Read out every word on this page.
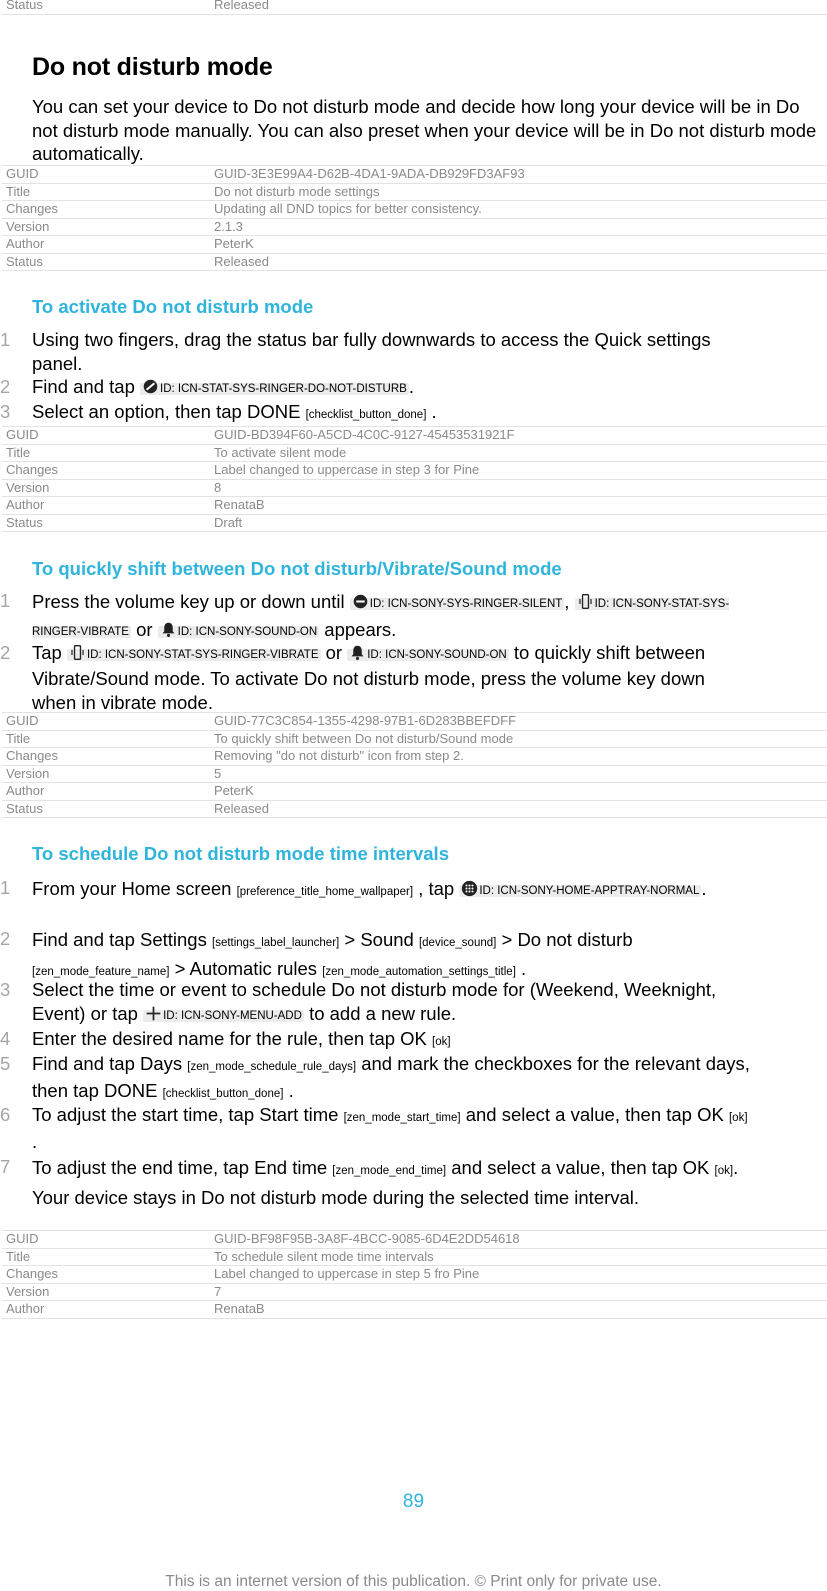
Status	Released
Do not disturb mode

You can set your device to Do not disturb mode and decide how long your device will be in Do not disturb mode manually. You can also preset when your device will be in Do not disturb mode automatically.

GUID	GUID-3E3E99A4-D62B-4DA1-9ADA-DB929FD3AF93
Title	Do not disturb mode settings
Changes	Updating all DND topics for better consistency.
Version	2.1.3
Author	PeterK
Status	Released
To activate Do not disturb mode
1	Using two fingers, drag the status bar fully downwards to access the Quick settings panel.
2	Find and tap ID: ICN-STAT-SYS-RINGER-DO-NOT-DISTURB .
3	Select an option, then tap DONE [checklist_button_done] .
GUID	GUID-BD394F60-A5CD-4C0C-9127-45453531921F
Title	To activate silent mode
Changes	Label changed to uppercase in step 3 for Pine
Version	8
Author	RenataB
Status	Draft
To quickly shift between Do not disturb/Vibrate/Sound mode
1	Press the volume key up or down until ID: ICN-SONY-SYS-RINGER-SILENT , ID: ICN-SONY-STAT-SYS-RINGER-VIBRATE or ID: ICN-SONY-SOUND-ON appears.
2	Tap ID: ICN-SONY-STAT-SYS-RINGER-VIBRATE or ID: ICN-SONY-SOUND-ON to quickly shift between Vibrate/Sound mode. To activate Do not disturb mode, press the volume key down when in vibrate mode.
GUID	GUID-77C3C854-1355-4298-97B1-6D283BBEFDFF
Title	To quickly shift between Do not disturb/Sound mode
Changes	Removing "do not disturb" icon from step 2.
Version	5
Author	PeterK
Status	Released
To schedule Do not disturb mode time intervals
1	From your Home screen [preference_title_home_wallpaper] , tap ID: ICN-SONY-HOME-APPTRAY-NORMAL .
2	Find and tap Settings [settings_label_launcher] > Sound [device_sound] > Do not disturb [zen_mode_feature_name] > Automatic rules [zen_mode_automation_settings_title] .
3	Select the time or event to schedule Do not disturb mode for (Weekend, Weeknight, Event) or tap ID: ICN-SONY-MENU-ADD to add a new rule.
4	Enter the desired name for the rule, then tap OK [ok]
5	Find and tap Days [zen_mode_schedule_rule_days] and mark the checkboxes for the relevant days, then tap DONE [checklist_button_done] .
6	To adjust the start time, tap Start time [zen_mode_start_time] and select a value, then tap OK [ok] .
7	To adjust the end time, tap End time [zen_mode_end_time] and select a value, then tap OK [ok]. Your device stays in Do not disturb mode during the selected time interval.
GUID	GUID-BF98F95B-3A8F-4BCC-9085-6D4E2DD54618
Title	To schedule silent mode time intervals
Changes	Label changed to uppercase in step 5 fro Pine
Version	7
Author	RenataB
89
This is an internet version of this publication. © Print only for private use.
